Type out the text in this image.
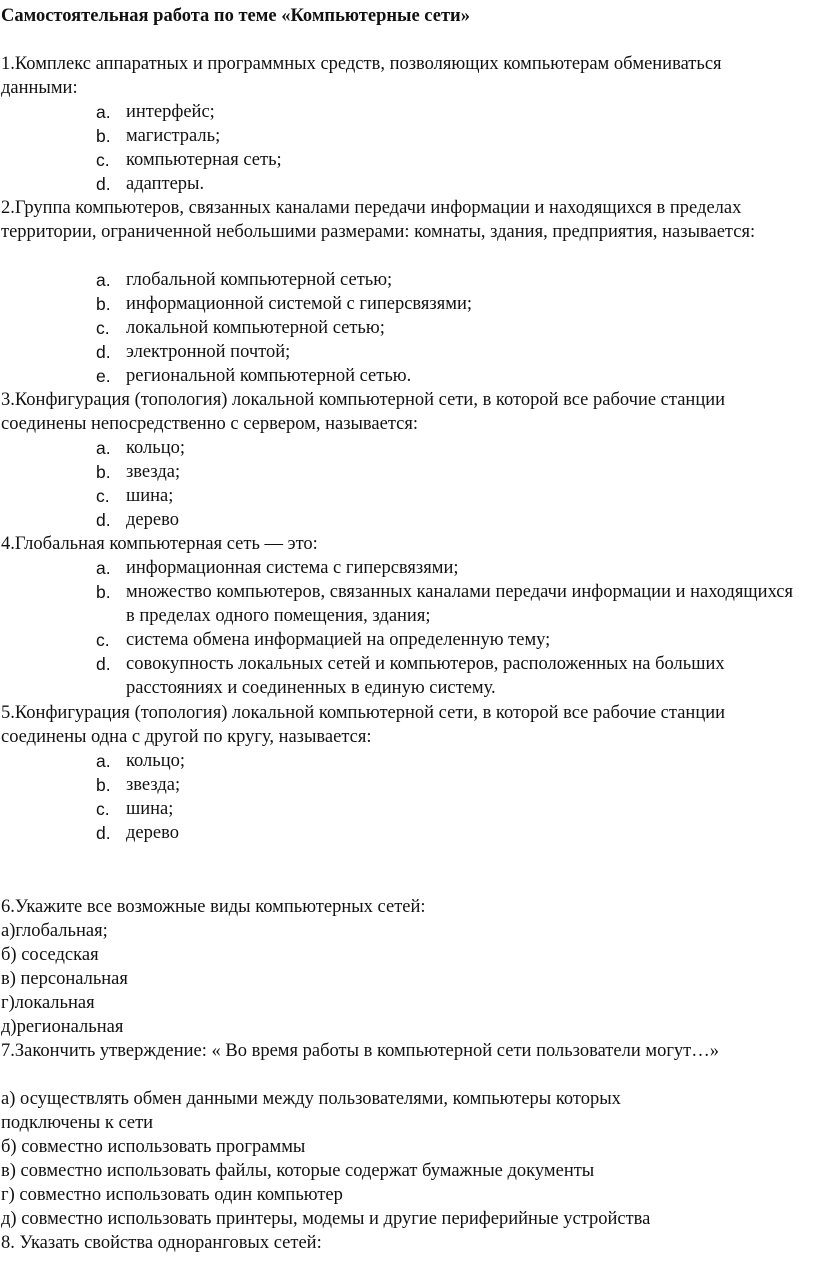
Самостоятельная работа по теме «Компьютерные сети»
1.Комплекс аппаратных и программных средств, позволяющих компьютерам обмениваться данными:
a. интерфейс;
b. магистраль;
c. компьютерная сеть;
d. адаптеры.
2.Группа компьютеров, связанных каналами передачи информации и находящихся в пределах территории, ограниченной небольшими размерами: комнаты, здания, предприятия, называется:
a. глобальной компьютерной сетью;
b. информационной системой с гиперсвязями;
c. локальной компьютерной сетью;
d. электронной почтой;
e. региональной компьютерной сетью.
3.Конфигурация (топология) локальной компьютерной сети, в которой все рабочие станции соединены непосредственно с сервером, называется:
a. кольцо;
b. звезда;
c. шина;
d. дерево
4.Глобальная компьютерная сеть — это:
a. информационная система с гиперсвязями;
b. множество компьютеров, связанных каналами передачи информации и находящихся в пределах одного помещения, здания;
c. система обмена информацией на определенную тему;
d. совокупность локальных сетей и компьютеров, расположенных на больших расстояниях и соединенных в единую систему.
5.Конфигурация (топология) локальной компьютерной сети, в которой все рабочие станции соединены одна с другой по кругу, называется:
a. кольцо;
b. звезда;
c. шина;
d. дерево
6.Укажите все возможные виды компьютерных сетей:
а)глобальная;
б) соседская
в) персональная
г)локальная
д)региональная
7.Закончить утверждение: « Во время работы в компьютерной сети пользователи могут…»
а) осуществлять обмен данными между пользователями, компьютеры которых
подключены к сети
б) совместно использовать программы
в) совместно использовать файлы, которые содержат бумажные документы
г) совместно использовать один компьютер
д) совместно использовать принтеры, модемы и другие периферийные устройства
8. Указать свойства одноранговых сетей:
